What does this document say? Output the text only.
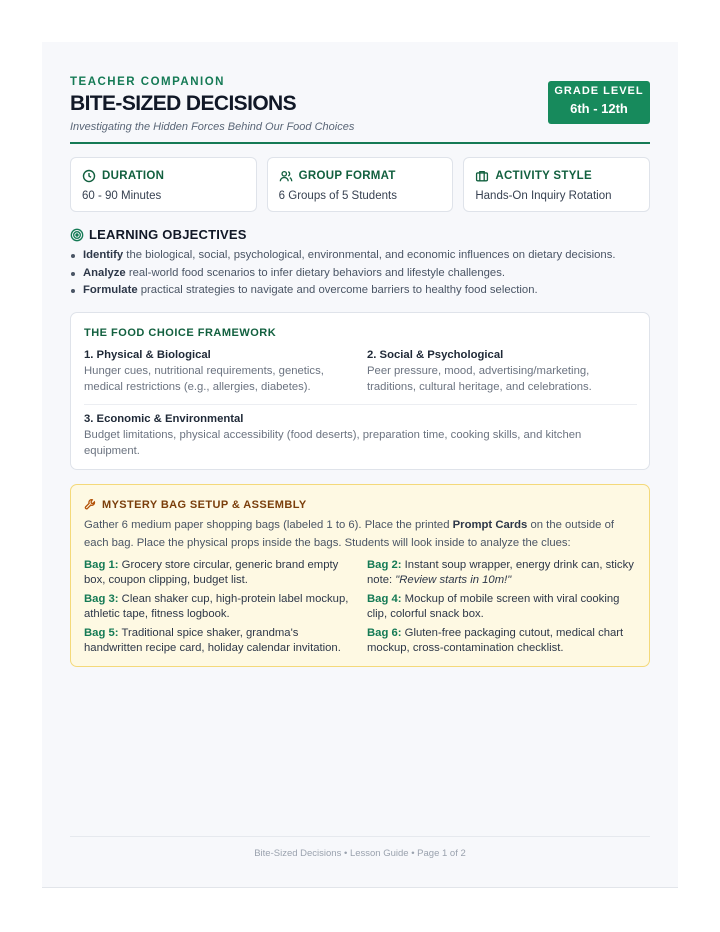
TEACHER COMPANION
BITE-SIZED DECISIONS
Investigating the Hidden Forces Behind Our Food Choices
GRADE LEVEL
6th - 12th
DURATION
60 - 90 Minutes
GROUP FORMAT
6 Groups of 5 Students
ACTIVITY STYLE
Hands-On Inquiry Rotation
LEARNING OBJECTIVES
Identify the biological, social, psychological, environmental, and economic influences on dietary decisions.
Analyze real-world food scenarios to infer dietary behaviors and lifestyle challenges.
Formulate practical strategies to navigate and overcome barriers to healthy food selection.
THE FOOD CHOICE FRAMEWORK
1. Physical & Biological
Hunger cues, nutritional requirements, genetics, medical restrictions (e.g., allergies, diabetes).
2. Social & Psychological
Peer pressure, mood, advertising/marketing, traditions, cultural heritage, and celebrations.
3. Economic & Environmental
Budget limitations, physical accessibility (food deserts), preparation time, cooking skills, and kitchen equipment.
MYSTERY BAG SETUP & ASSEMBLY
Gather 6 medium paper shopping bags (labeled 1 to 6). Place the printed Prompt Cards on the outside of each bag. Place the physical props inside the bags. Students will look inside to analyze the clues:
Bag 1: Grocery store circular, generic brand empty box, coupon clipping, budget list.
Bag 2: Instant soup wrapper, energy drink can, sticky note: "Review starts in 10m!"
Bag 3: Clean shaker cup, high-protein label mockup, athletic tape, fitness logbook.
Bag 4: Mockup of mobile screen with viral cooking clip, colorful snack box.
Bag 5: Traditional spice shaker, grandma's handwritten recipe card, holiday calendar invitation.
Bag 6: Gluten-free packaging cutout, medical chart mockup, cross-contamination checklist.
Bite-Sized Decisions • Lesson Guide • Page 1 of 2
